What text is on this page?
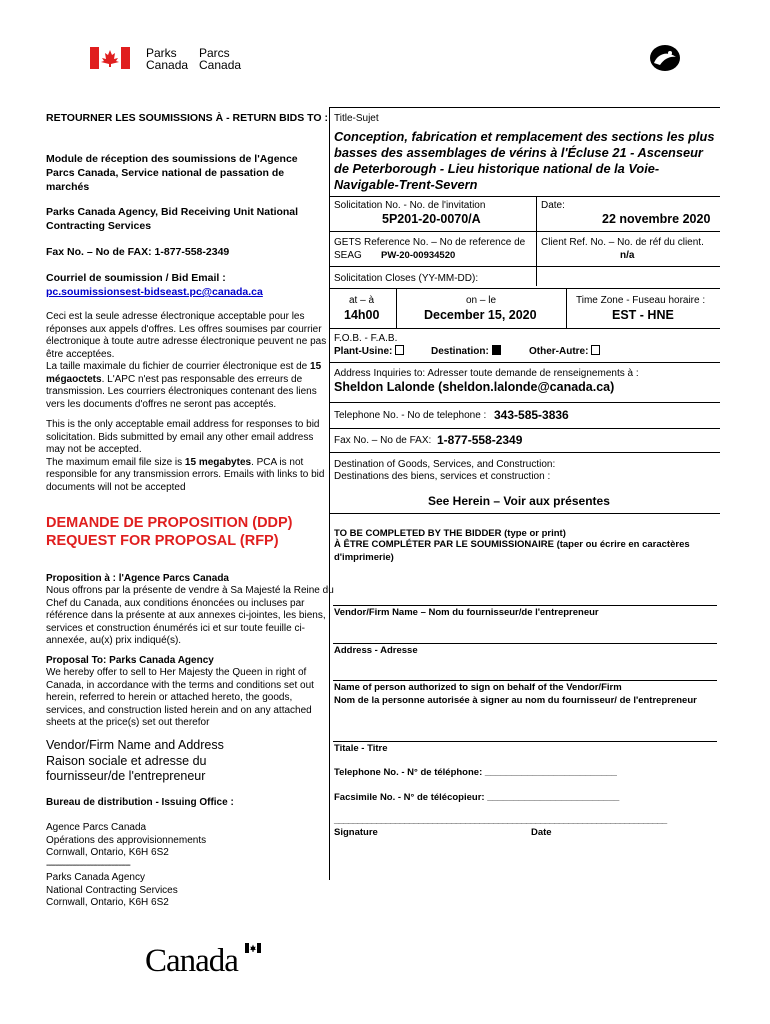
Parks
Canada
Parcs
Canada
RETOURNER LES SOUMISSIONS À - RETURN BIDS TO :
Module de réception des soumissions de l'Agence Parcs Canada, Service national de passation de marchés
Parks Canada Agency, Bid Receiving Unit National Contracting Services
Fax No. – No de FAX: 1-877-558-2349
Courriel de soumission / Bid Email :
pc.soumissionsest-bidseast.pc@canada.ca
Ceci est la seule adresse électronique acceptable pour les réponses aux appels d'offres. Les offres soumises par courrier électronique à toute autre adresse électronique peuvent ne pas être acceptées.
La taille maximale du fichier de courrier électronique est de 15 mégaoctets. L'APC n'est pas responsable des erreurs de transmission. Les courriers électroniques contenant des liens vers les documents d'offres ne seront pas acceptés.
This is the only acceptable email address for responses to bid solicitation. Bids submitted by email any other email address may not be accepted.
The maximum email file size is 15 megabytes. PCA is not responsible for any transmission errors. Emails with links to bid documents will not be accepted
DEMANDE DE PROPOSITION (DDP)
REQUEST FOR PROPOSAL (RFP)
Proposition à : l'Agence Parcs Canada
Nous offrons par la présente de vendre à Sa Majesté la Reine du Chef du Canada, aux conditions énoncées ou incluses par référence dans la présente at aux annexes ci-jointes, les biens, services et construction énumérés ici et sur toute feuille ci-annexée, au(x) prix indiqué(s).
Proposal To: Parks Canada Agency
We hereby offer to sell to Her Majesty the Queen in right of Canada, in accordance with the terms and conditions set out herein, referred to herein or attached hereto, the goods, services, and construction listed herein and on any attached sheets at the price(s) set out therefor
Vendor/Firm Name and Address Raison sociale et adresse du fournisseur/de l'entrepreneur
Bureau de distribution - Issuing Office :
Agence Parcs Canada
Opérations des approvisionnements
Cornwall, Ontario, K6H 6S2
------------------------------------
Parks Canada Agency
National Contracting Services
Cornwall, Ontario, K6H 6S2
Title-Sujet
Conception, fabrication et remplacement des sections les plus basses des assemblages de vérins à l'Écluse 21 - Ascenseur de Peterborough - Lieu historique national de la Voie-Navigable-Trent-Severn
Solicitation No. - No. de l'invitation
5P201-20-0070/A
Date:
22 novembre 2020
GETS Reference No. – No de reference de SEAG	PW-20-00934520
Client Ref. No. – No. de réf du client.
n/a
Solicitation Closes (YY-MM-DD):
at – à
14h00
on – le
December 15, 2020
Time Zone - Fuseau horaire :
EST - HNE
F.O.B. - F.A.B.
Plant-Usine:	Destination:	Other-Autre:
Address Inquiries to: Adresser toute demande de renseignements à :
Sheldon Lalonde (sheldon.lalonde@canada.ca)
Telephone No. - No de telephone : 343-585-3836
Fax No. – No de FAX: 1-877-558-2349
Destination of Goods, Services, and Construction:
Destinations des biens, services et construction :
See Herein – Voir aux présentes
TO BE COMPLETED BY THE BIDDER (type or print)
À ÊTRE COMPLÉTER PAR LE SOUMISSIONAIRE (taper ou écrire en caractères d'imprimerie)
Vendor/Firm Name – Nom du fournisseur/de l'entrepreneur
Address - Adresse
Name of person authorized to sign on behalf of the Vendor/Firm
Nom de la personne autorisée à signer au nom du fournisseur/ de l'entrepreneur
Titale - Titre
Telephone No. - N° de téléphone: _________________________
Facsimile No. - N° de télécopieur: _________________________
_______________________________________________________________________
Signature	Date
Canada
